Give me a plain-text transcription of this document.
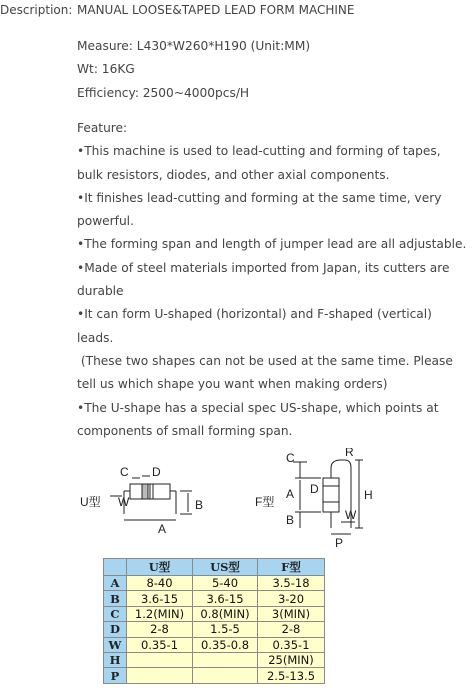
Description: MANUAL LOOSE&TAPED LEAD FORM MACHINE
Measure: L430*W260*H190 (Unit:MM)
Wt: 16KG
Efficiency: 2500~4000pcs/H
Feature:
•This machine is used to lead-cutting and forming of tapes,
bulk resistors, diodes, and other axial components.
•It finishes lead-cutting and forming at the same time, very
powerful.
•The forming span and length of jumper lead are all adjustable.
•Made of steel materials imported from Japan, its cutters are
durable
•It can form U-shaped (horizontal) and F-shaped (vertical)
leads.
(These two shapes can not be used at the same time. Please
tell us which shape you want when making orders)
•The U-shape has a special spec US-shape, which points at
components of small forming span.
U型
C D
W	B
A
F型
C	R
A D	H
B	W
P
	U型	US型	F型
A	8-40	5-40	3.5-18
B	3.6-15	3.6-15	3-20
C	1.2(MIN)	0.8(MIN)	3(MIN)
D	2-8	1.5-5	2-8
W	0.35-1	0.35-0.8	0.35-1
H			25(MIN)
P			2.5-13.5
